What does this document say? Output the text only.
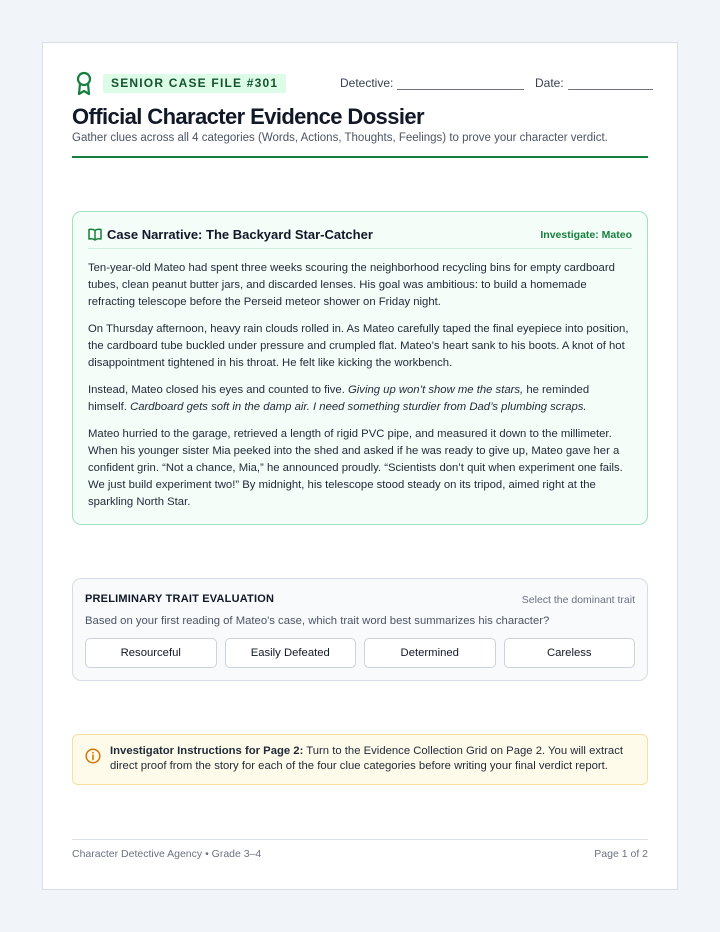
SENIOR CASE FILE #301	Detective:	Date:
Official Character Evidence Dossier
Gather clues across all 4 categories (Words, Actions, Thoughts, Feelings) to prove your character verdict.
Case Narrative: The Backyard Star-Catcher	Investigate: Mateo

Ten-year-old Mateo had spent three weeks scouring the neighborhood recycling bins for empty cardboard tubes, clean peanut butter jars, and discarded lenses. His goal was ambitious: to build a homemade refracting telescope before the Perseid meteor shower on Friday night.

On Thursday afternoon, heavy rain clouds rolled in. As Mateo carefully taped the final eyepiece into position, the cardboard tube buckled under pressure and crumpled flat. Mateo’s heart sank to his boots. A knot of hot disappointment tightened in his throat. He felt like kicking the workbench.

Instead, Mateo closed his eyes and counted to five. Giving up won’t show me the stars, he reminded himself. Cardboard gets soft in the damp air. I need something sturdier from Dad’s plumbing scraps.

Mateo hurried to the garage, retrieved a length of rigid PVC pipe, and measured it down to the millimeter. When his younger sister Mia peeked into the shed and asked if he was ready to give up, Mateo gave her a confident grin. “Not a chance, Mia,” he announced proudly. “Scientists don’t quit when experiment one fails. We just build experiment two!” By midnight, his telescope stood steady on its tripod, aimed right at the sparkling North Star.

PRELIMINARY TRAIT EVALUATION	Select the dominant trait
Based on your first reading of Mateo's case, which trait word best summarizes his character?
Resourceful	Easily Defeated	Determined	Careless
Investigator Instructions for Page 2: Turn to the Evidence Collection Grid on Page 2. You will extract direct proof from the story for each of the four clue categories before writing your final verdict report.
Character Detective Agency • Grade 3–4	Page 1 of 2
